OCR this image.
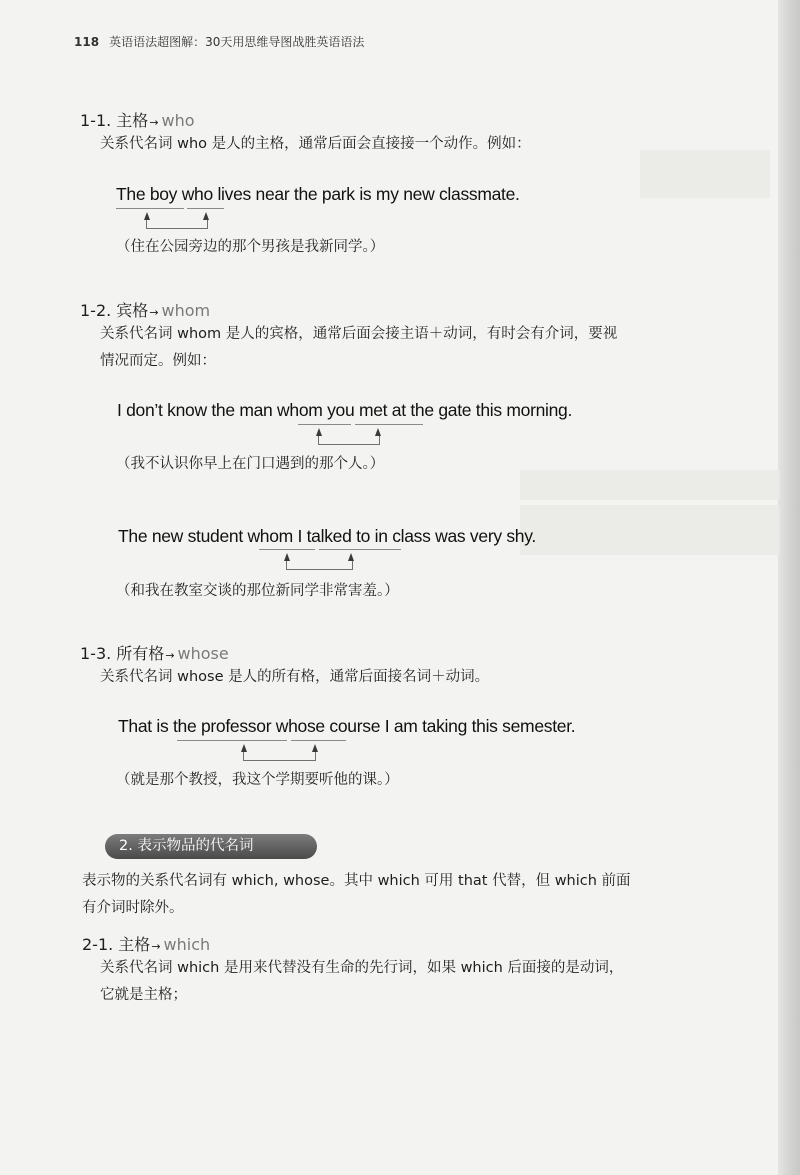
118 英语语法超图解：30天用思维导图战胜英语语法
1-1. 主格→ who
关系代名词 who 是人的主格，通常后面会直接接一个动作。例如：
The boy who lives near the park is my new classmate.
（住在公园旁边的那个男孩是我新同学。）
1-2. 宾格→ whom
关系代名词 whom 是人的宾格，通常后面会接主语＋动词，有时会有介词，要视
情况而定。例如：
I don’t know the man whom you met at the gate this morning.
（我不认识你早上在门口遇到的那个人。）
The new student whom I talked to in class was very shy.
（和我在教室交谈的那位新同学非常害羞。）
1-3. 所有格→ whose
关系代名词 whose 是人的所有格，通常后面接名词＋动词。
That is the professor whose course I am taking this semester.
（就是那个教授，我这个学期要听他的课。）
2. 表示物品的代名词
表示物的关系代名词有 which, whose。其中 which 可用 that 代替，但 which 前面
有介词时除外。
2-1. 主格→ which
关系代名词 which 是用来代替没有生命的先行词，如果 which 后面接的是动词，
它就是主格；
